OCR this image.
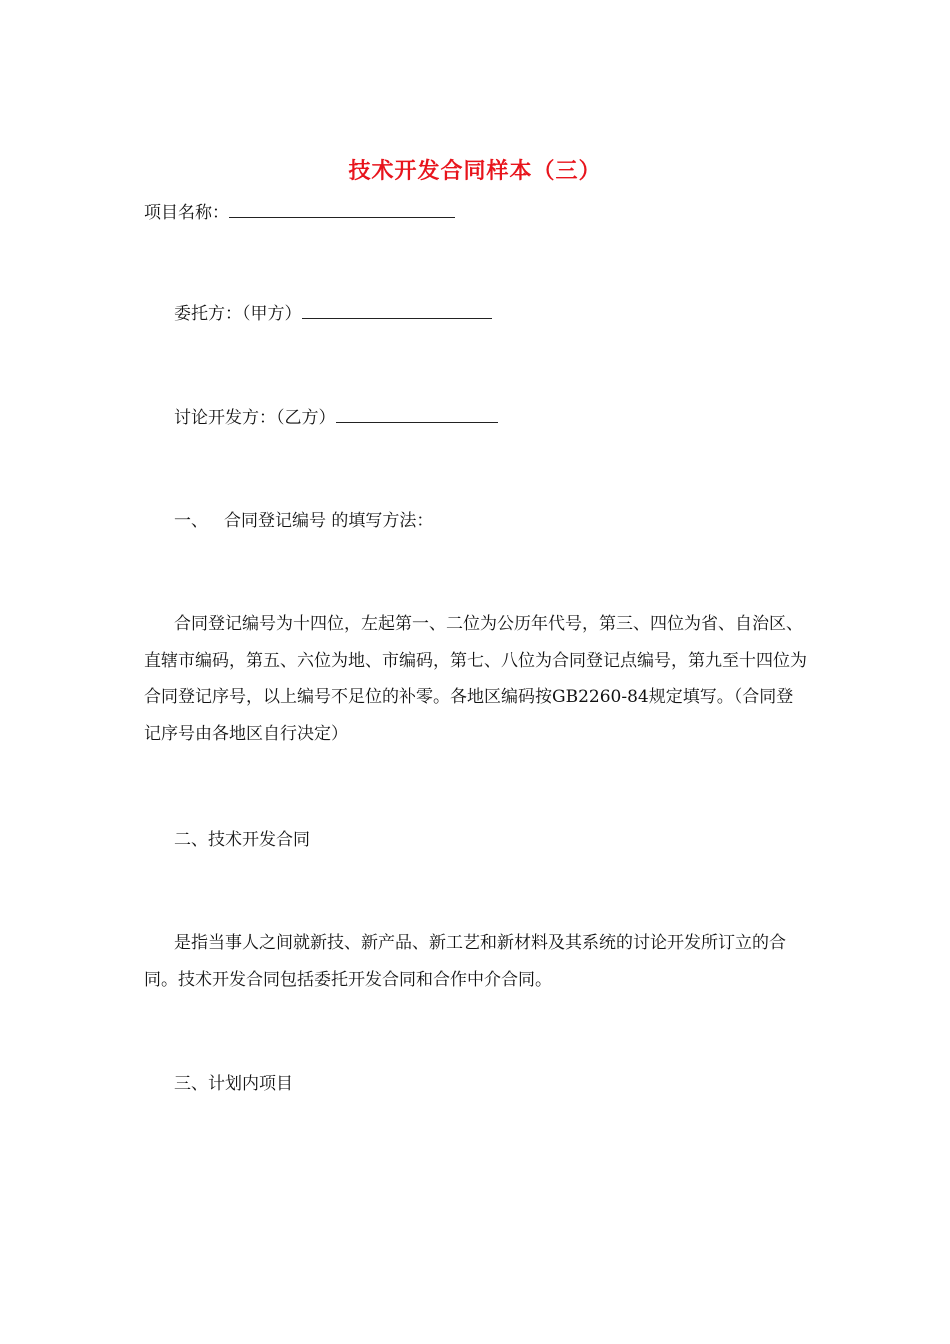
技术开发合同样本（三）
项目名称：
委托方：（甲方）
讨论开发方：（乙方）
一、 合同登记编号 的填写方法：
合同登记编号为十四位，左起第一、二位为公历年代号，第三、四位为省、自治区、直辖市编码，第五、六位为地、市编码，第七、八位为合同登记点编号，第九至十四位为合同登记序号，以上编号不足位的补零。各地区编码按GB2260-84规定填写。（合同登记序号由各地区自行决定）
二、技术开发合同
是指当事人之间就新技、新产品、新工艺和新材料及其系统的讨论开发所订立的合同。技术开发合同包括委托开发合同和合作中介合同。
三、计划内项目
